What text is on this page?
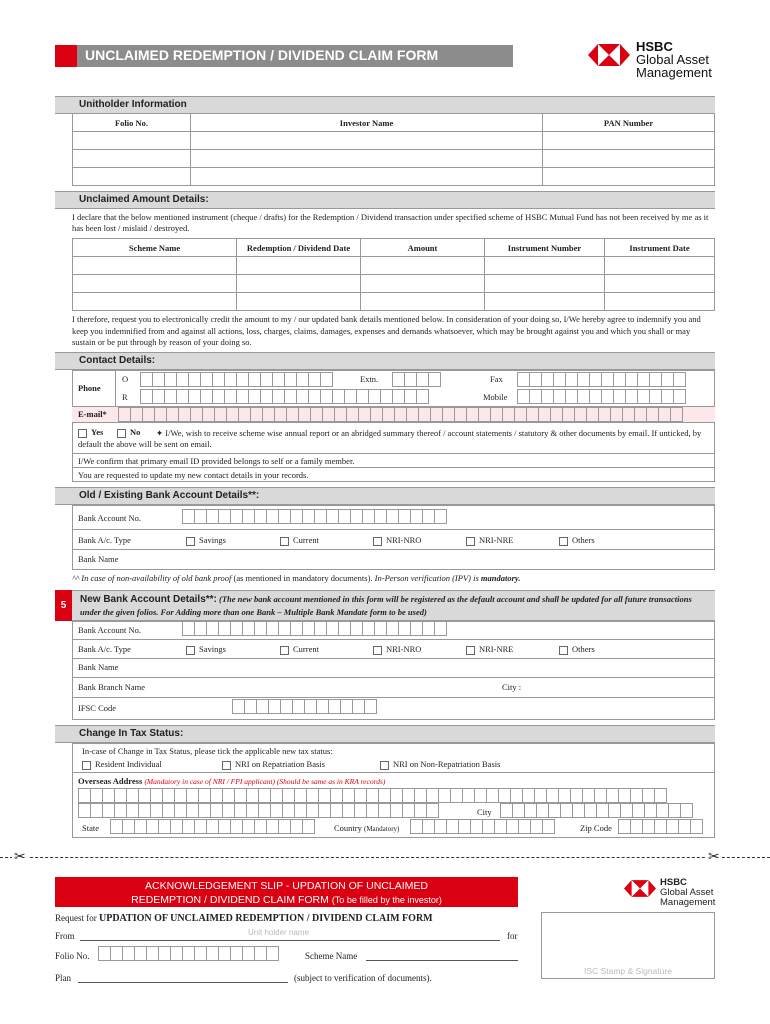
UNCLAIMED REDEMPTION / DIVIDEND CLAIM FORM
HSBC
Global Asset
Management
Unitholder Information
Folio No.	Investor Name	PAN Number

Unclaimed Amount Details:
I declare that the below mentioned instrument (cheque / drafts) for the Redemption / Dividend transaction under specified scheme of HSBC Mutual Fund has not been received by me as it has been lost / mislaid / destroyed.
Scheme Name	Redemption / Dividend Date	Amount	Instrument Number	Instrument Date

I therefore, request you to electronically credit the amount to my / our updated bank details mentioned below. In consideration of your doing so, I/We hereby agree to indemnify you and keep you indemnified from and against all actions, loss, charges, claims, damages, expenses and demands whatsoever, which may be brought against you and which you shall or may sustain or be put through by reason of your doing so.
Contact Details:
Phone
O
R
Extn.	Fax
Mobile
E-mail*
Yes	No	✦ I/We, wish to receive scheme wise annual report or an abridged summary thereof / account statements / statutory & other documents by email. If unticked, by default the above will be sent on email.
I/We confirm that primary email ID provided belongs to self or a family member.
You are requested to update my new contact details in your records.
Old / Existing Bank Account Details**:
Bank Account No.
Bank A/c. Type	Savings	Current	NRI-NRO	NRI-NRE	Others
Bank Name
^^ In case of non-availability of old bank proof (as mentioned in mandatory documents). In-Person verification (IPV) is mandatory.
5
New Bank Account Details**: (The new bank account mentioned in this form will be registered as the default account and shall be updated for all future transactions under the given folios. For Adding more than one Bank – Multiple Bank Mandate form to be used)
Bank Account No.
Bank A/c. Type	Savings	Current	NRI-NRO	NRI-NRE	Others
Bank Name
Bank Branch Name	City :
IFSC Code
Change In Tax Status:
In-case of Change in Tax Status, please tick the applicable new tax status:
Resident Individual	NRI on Repatriation Basis	NRI on Non-Repatriation Basis
Overseas Address (Mandatory in case of NRI / FPI applicant) (Should be same as in KRA records)
City
State	Country (Mandatory)	Zip Code
✂	✂
ACKNOWLEDGEMENT SLIP - UPDATION OF UNCLAIMED
REDEMPTION / DIVIDEND CLAIM FORM (To be filled by the investor)
HSBC
Global Asset
Management
Request for UPDATION OF UNCLAIMED REDEMPTION / DIVIDEND CLAIM FORM
From	Unit holder name	for
Folio No.	Scheme Name
Plan	(subject to verification of documents).
ISC Stamp & Signature
